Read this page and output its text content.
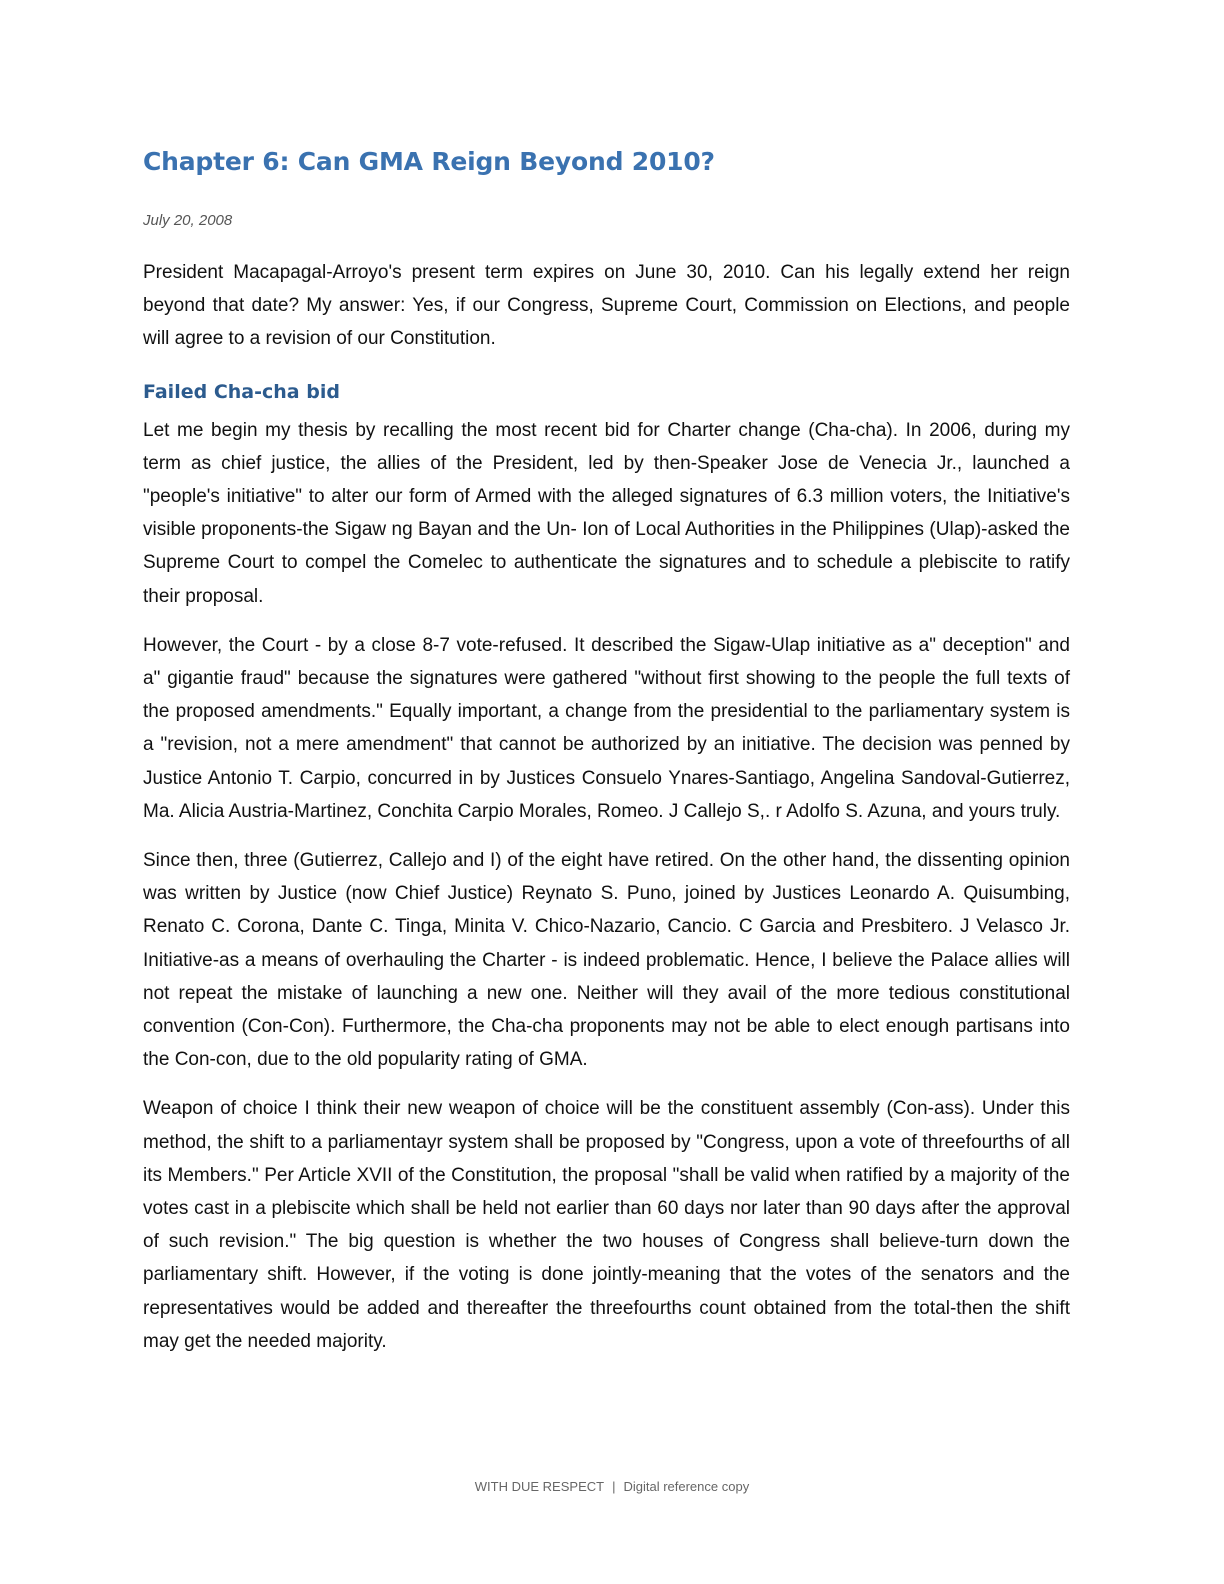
Chapter 6: Can GMA Reign Beyond 2010?
July 20, 2008

President Macapagal-Arroyo's present term expires on June 30, 2010. Can his legally extend her reign beyond that date? My answer: Yes, if our Congress, Supreme Court, Commission on Elections, and people will agree to a revision of our Constitution.

Failed Cha-cha bid

Let me begin my thesis by recalling the most recent bid for Charter change (Cha-cha). In 2006, during my term as chief justice, the allies of the President, led by then-Speaker Jose de Venecia Jr., launched a "people's initiative" to alter our form of Armed with the alleged signatures of 6.3 million voters, the Initiative's visible proponents-the Sigaw ng Bayan and the Un- Ion of Local Authorities in the Philippines (Ulap)-asked the Supreme Court to compel the Comelec to authenticate the signatures and to schedule a plebiscite to ratify their proposal.

However, the Court - by a close 8-7 vote-refused. It described the Sigaw-Ulap initiative as a" deception" and a" gigantie fraud" because the signatures were gathered "without first showing to the people the full texts of the proposed amendments." Equally important, a change from the presidential to the parliamentary system is a "revision, not a mere amendment" that cannot be authorized by an initiative. The decision was penned by Justice Antonio T. Carpio, concurred in by Justices Consuelo Ynares-Santiago, Angelina Sandoval-Gutierrez, Ma. Alicia Austria-Martinez, Conchita Carpio Morales, Romeo. J Callejo S,. r Adolfo S. Azuna, and yours truly.

Since then, three (Gutierrez, Callejo and I) of the eight have retired. On the other hand, the dissenting opinion was written by Justice (now Chief Justice) Reynato S. Puno, joined by Justices Leonardo A. Quisumbing, Renato C. Corona, Dante C. Tinga, Minita V. Chico-Nazario, Cancio. C Garcia and Presbitero. J Velasco Jr. Initiative-as a means of overhauling the Charter - is indeed problematic. Hence, I believe the Palace allies will not repeat the mistake of launching a new one. Neither will they avail of the more tedious constitutional convention (Con-Con). Furthermore, the Cha-cha proponents may not be able to elect enough partisans into the Con-con, due to the old popularity rating of GMA.

Weapon of choice I think their new weapon of choice will be the constituent assembly (Con-ass). Under this method, the shift to a parliamentayr system shall be proposed by "Congress, upon a vote of threefourths of all its Members." Per Article XVII of the Constitution, the proposal "shall be valid when ratified by a majority of the votes cast in a plebiscite which shall be held not earlier than 60 days nor later than 90 days after the approval of such revision." The big question is whether the two houses of Congress shall believe-turn down the parliamentary shift. However, if the voting is done jointly-meaning that the votes of the senators and the representatives would be added and thereafter the threefourths count obtained from the total-then the shift may get the needed majority.

WITH DUE RESPECT | Digital reference copy
